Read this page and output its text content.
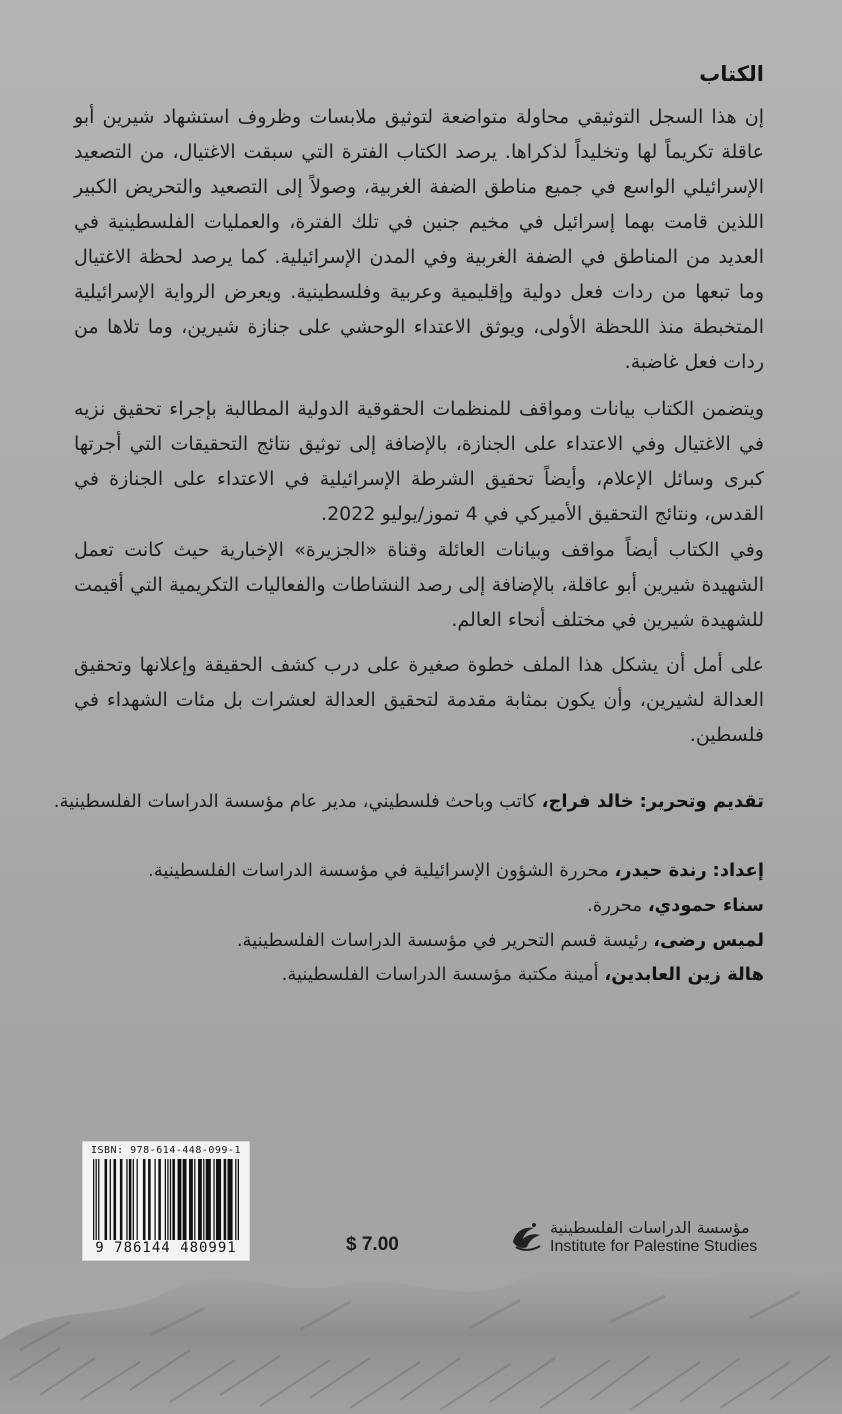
الكتاب

إن هذا السجل التوثيقي محاولة متواضعة لتوثيق ملابسات وظروف استشهاد شيرين أبو عاقلة تكريماً لها وتخليداً لذكراها. يرصد الكتاب الفترة التي سبقت الاغتيال، من التصعيد الإسرائيلي الواسع في جميع مناطق الضفة الغربية، وصولاً إلى التصعيد والتحريض الكبير اللذين قامت بهما إسرائيل في مخيم جنين في تلك الفترة، والعمليات الفلسطينية في العديد من المناطق في الضفة الغربية وفي المدن الإسرائيلية. كما يرصد لحظة الاغتيال وما تبعها من ردات فعل دولية وإقليمية وعربية وفلسطينية. ويعرض الرواية الإسرائيلية المتخبطة منذ اللحظة الأولى، ويوثق الاعتداء الوحشي على جنازة شيرين، وما تلاها من ردات فعل غاضبة.

ويتضمن الكتاب بيانات ومواقف للمنظمات الحقوقية الدولية المطالبة بإجراء تحقيق نزيه في الاغتيال وفي الاعتداء على الجنازة، بالإضافة إلى توثيق نتائج التحقيقات التي أجرتها كبرى وسائل الإعلام، وأيضاً تحقيق الشرطة الإسرائيلية في الاعتداء على الجنازة في القدس، ونتائج التحقيق الأميركي في 4 تموز/يوليو 2022.

وفي الكتاب أيضاً مواقف وبيانات العائلة وقناة «الجزيرة» الإخبارية حيث كانت تعمل الشهيدة شيرين أبو عاقلة، بالإضافة إلى رصد النشاطات والفعاليات التكريمية التي أقيمت للشهيدة شيرين في مختلف أنحاء العالم.

على أمل أن يشكل هذا الملف خطوة صغيرة على درب كشف الحقيقة وإعلانها وتحقيق العدالة لشيرين، وأن يكون بمثابة مقدمة لتحقيق العدالة لعشرات بل مئات الشهداء في فلسطين.

تقديم وتحرير: خالد فراج، كاتب وباحث فلسطيني، مدير عام مؤسسة الدراسات الفلسطينية.
إعداد: رندة حيدر، محررة الشؤون الإسرائيلية في مؤسسة الدراسات الفلسطينية.
سناء حمودي، محررة.
لميس رضى، رئيسة قسم التحرير في مؤسسة الدراسات الفلسطينية.
هالة زين العابدين، أمينة مكتبة مؤسسة الدراسات الفلسطينية.
ISBN: 978-614-448-099-1
9 786144 480991	$ 7.00
مؤسسة الدراسات الفلسطينية
Institute for Palestine Studies
